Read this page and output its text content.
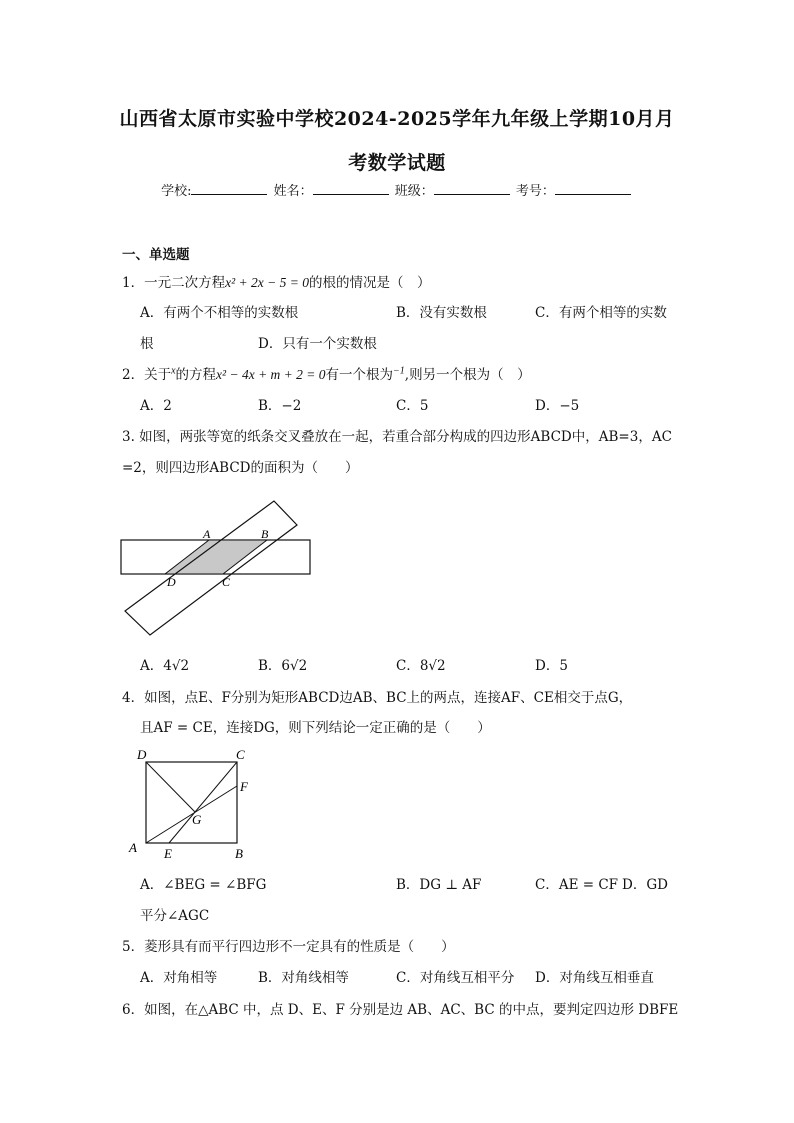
山西省太原市实验中学校2024-2025学年九年级上学期10月月
考数学试题
学校:	姓名：	班级：	考号：
一、单选题
1．一元二次方程x² + 2x − 5 = 0的根的情况是（　）
A．有两个不相等的实数根	B．没有实数根	C．有两个相等的实数
根	D．只有一个实数根
2．关于$^x$的方程x² − 4x + m + 2 = 0有一个根为$^{-1}$,则另一个根为（　）
A．2	B．−2	C．5	D．−5
3. 如图，两张等宽的纸条交叉叠放在一起，若重合部分构成的四边形ABCD中，AB=3，AC
=2，则四边形ABCD的面积为（　　）
A	B
D	C
A．4√2	B．6√2	C．8√2	D．5
4．如图，点E、F分别为矩形ABCD边AB、BC上的两点，连接AF、CE相交于点G，
且AF = CE，连接DG，则下列结论一定正确的是（　　）
D	C
F
G
A E	B
A．∠BEG = ∠BFG	B．DG ⊥ AF	C．AE = CF D．GD
平分∠AGC
5．菱形具有而平行四边形不一定具有的性质是（　　）
A．对角相等	B．对角线相等	C．对角线互相平分 D．对角线互相垂直
6．如图，在△ABC 中，点 D、E、F 分别是边 AB、AC、BC 的中点，要判定四边形 DBFE
